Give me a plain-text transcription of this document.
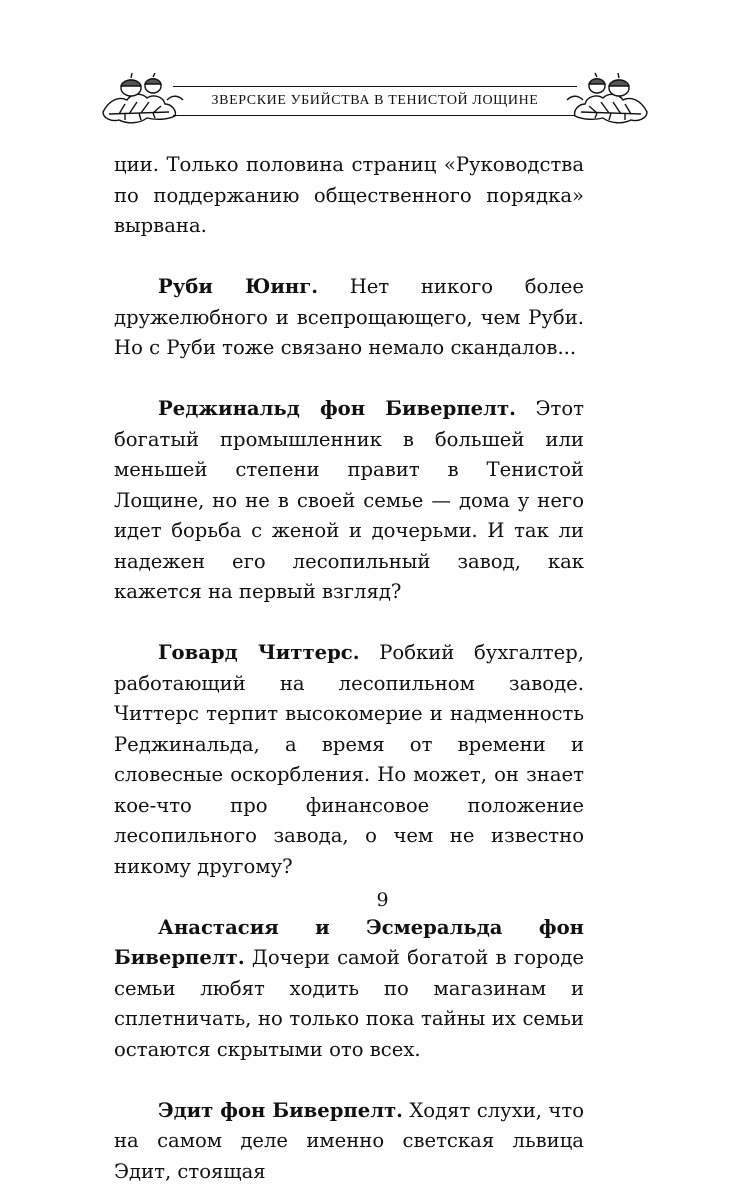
ЗВЕРСКИЕ УБИЙСТВА В ТЕНИСТОЙ ЛОЩИНЕ

ции. Только половина страниц «Руководства по поддержанию общественного порядка» вырвана.

Руби Юинг. Нет никого более дружелюбного и всепрощающего, чем Руби. Но с Руби тоже связано немало скандалов...

Реджинальд фон Биверпелт. Этот богатый промышленник в большей или меньшей степени правит в Тенистой Лощине, но не в своей семье — дома у него идет борьба с женой и дочерьми. И так ли надежен его лесопильный завод, как кажется на первый взгляд?

Говард Читтерс. Робкий бухгалтер, работающий на лесопильном заводе. Читтерс терпит высокомерие и надменность Реджинальда, а время от времени и словесные оскорбления. Но может, он знает кое-что про финансовое положение лесопильного завода, о чем не известно никому другому?

Анастасия и Эсмеральда фон Биверпелт. Дочери самой богатой в городе семьи любят ходить по магазинам и сплетничать, но только пока тайны их семьи остаются скрытыми ото всех.

Эдит фон Биверпелт. Ходят слухи, что на самом деле именно светская львица Эдит, стоящая

9
